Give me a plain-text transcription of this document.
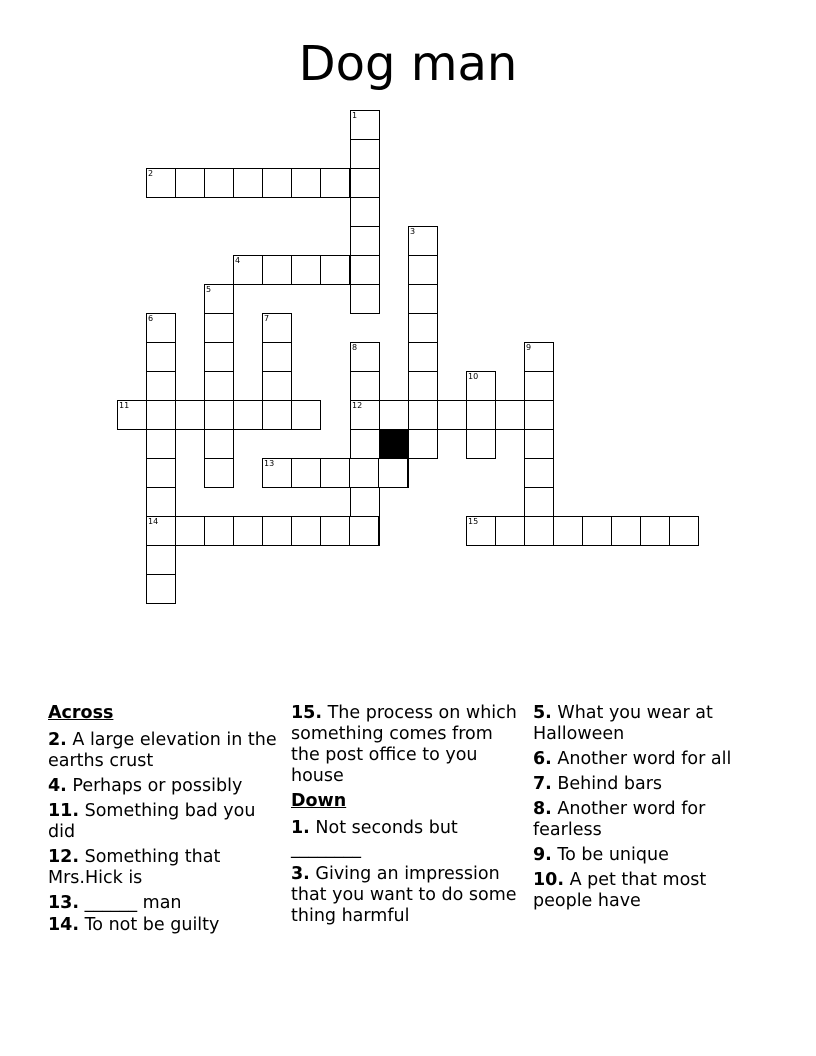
Dog man
1
2
3
4
5
6
14
7
8
12
9
10
11
13
15
Across
2. A large elevation in the earths crust
4. Perhaps or possibly
11. Something bad you did
12. Something that Mrs.Hick is
13. ______ man
14. To not be guilty
15. The process on which something comes from the post office to you house
Down
1. Not seconds but ________
3. Giving an impression that you want to do some thing harmful
5. What you wear at Halloween
6. Another word for all
7. Behind bars
8. Another word for fearless
9. To be unique
10. A pet that most people have
